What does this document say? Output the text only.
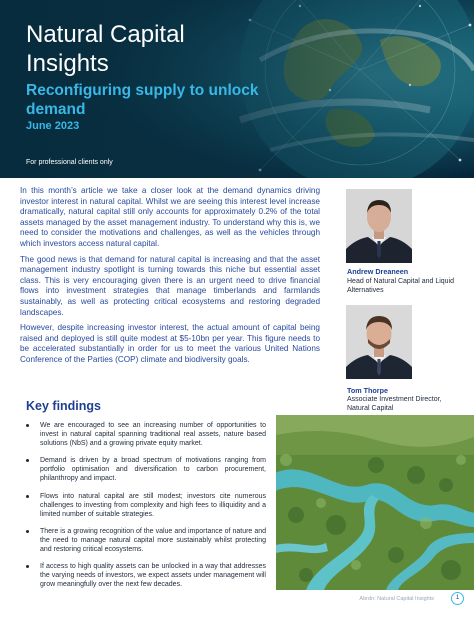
Natural Capital Insights
Reconfiguring supply to unlock demand
June 2023
For professional clients only

In this month’s article we take a closer look at the demand dynamics driving investor interest in natural capital. Whilst we are seeing this interest level increase dramatically, natural capital still only accounts for approximately 0.2% of the total assets managed by the asset management industry. To understand why this is, we need to consider the motivations and challenges, as well as the vehicles through which investors access natural capital.

The good news is that demand for natural capital is increasing and that the asset management industry spotlight is turning towards this niche but essential asset class. This is very encouraging given there is an urgent need to drive financial flows into investment strategies that manage timberlands and farmlands sustainably, as well as protecting critical ecosystems and restoring degraded landscapes.

However, despite increasing investor interest, the actual amount of capital being raised and deployed is still quite modest at $5-10bn per year. This figure needs to be accelerated substantially in order for us to meet the various United Nations Conference of the Parties (COP) climate and biodiversity goals.

Andrew Dreaneen
Head of Natural Capital and Liquid Alternatives
Tom Thorpe
Associate Investment Director, Natural Capital
Key findings
We are encouraged to see an increasing number of opportunities to invest in natural capital spanning traditional real assets, nature based solutions (NbS) and a growing private equity market.
Demand is driven by a broad spectrum of motivations ranging from portfolio optimisation and diversification to carbon procurement, philanthropy and impact.
Flows into natural capital are still modest; investors cite numerous challenges to investing from complexity and high fees to illiquidity and a limited number of suitable strategies.
There is a growing recognition of the value and importance of nature and the need to manage natural capital more sustainably whilst protecting and restoring critical ecosystems.
If access to high quality assets can be unlocked in a way that addresses the varying needs of investors, we expect assets under management will grow meaningfully over the next few decades.
Abrdn: Natural Capital Insights	1
